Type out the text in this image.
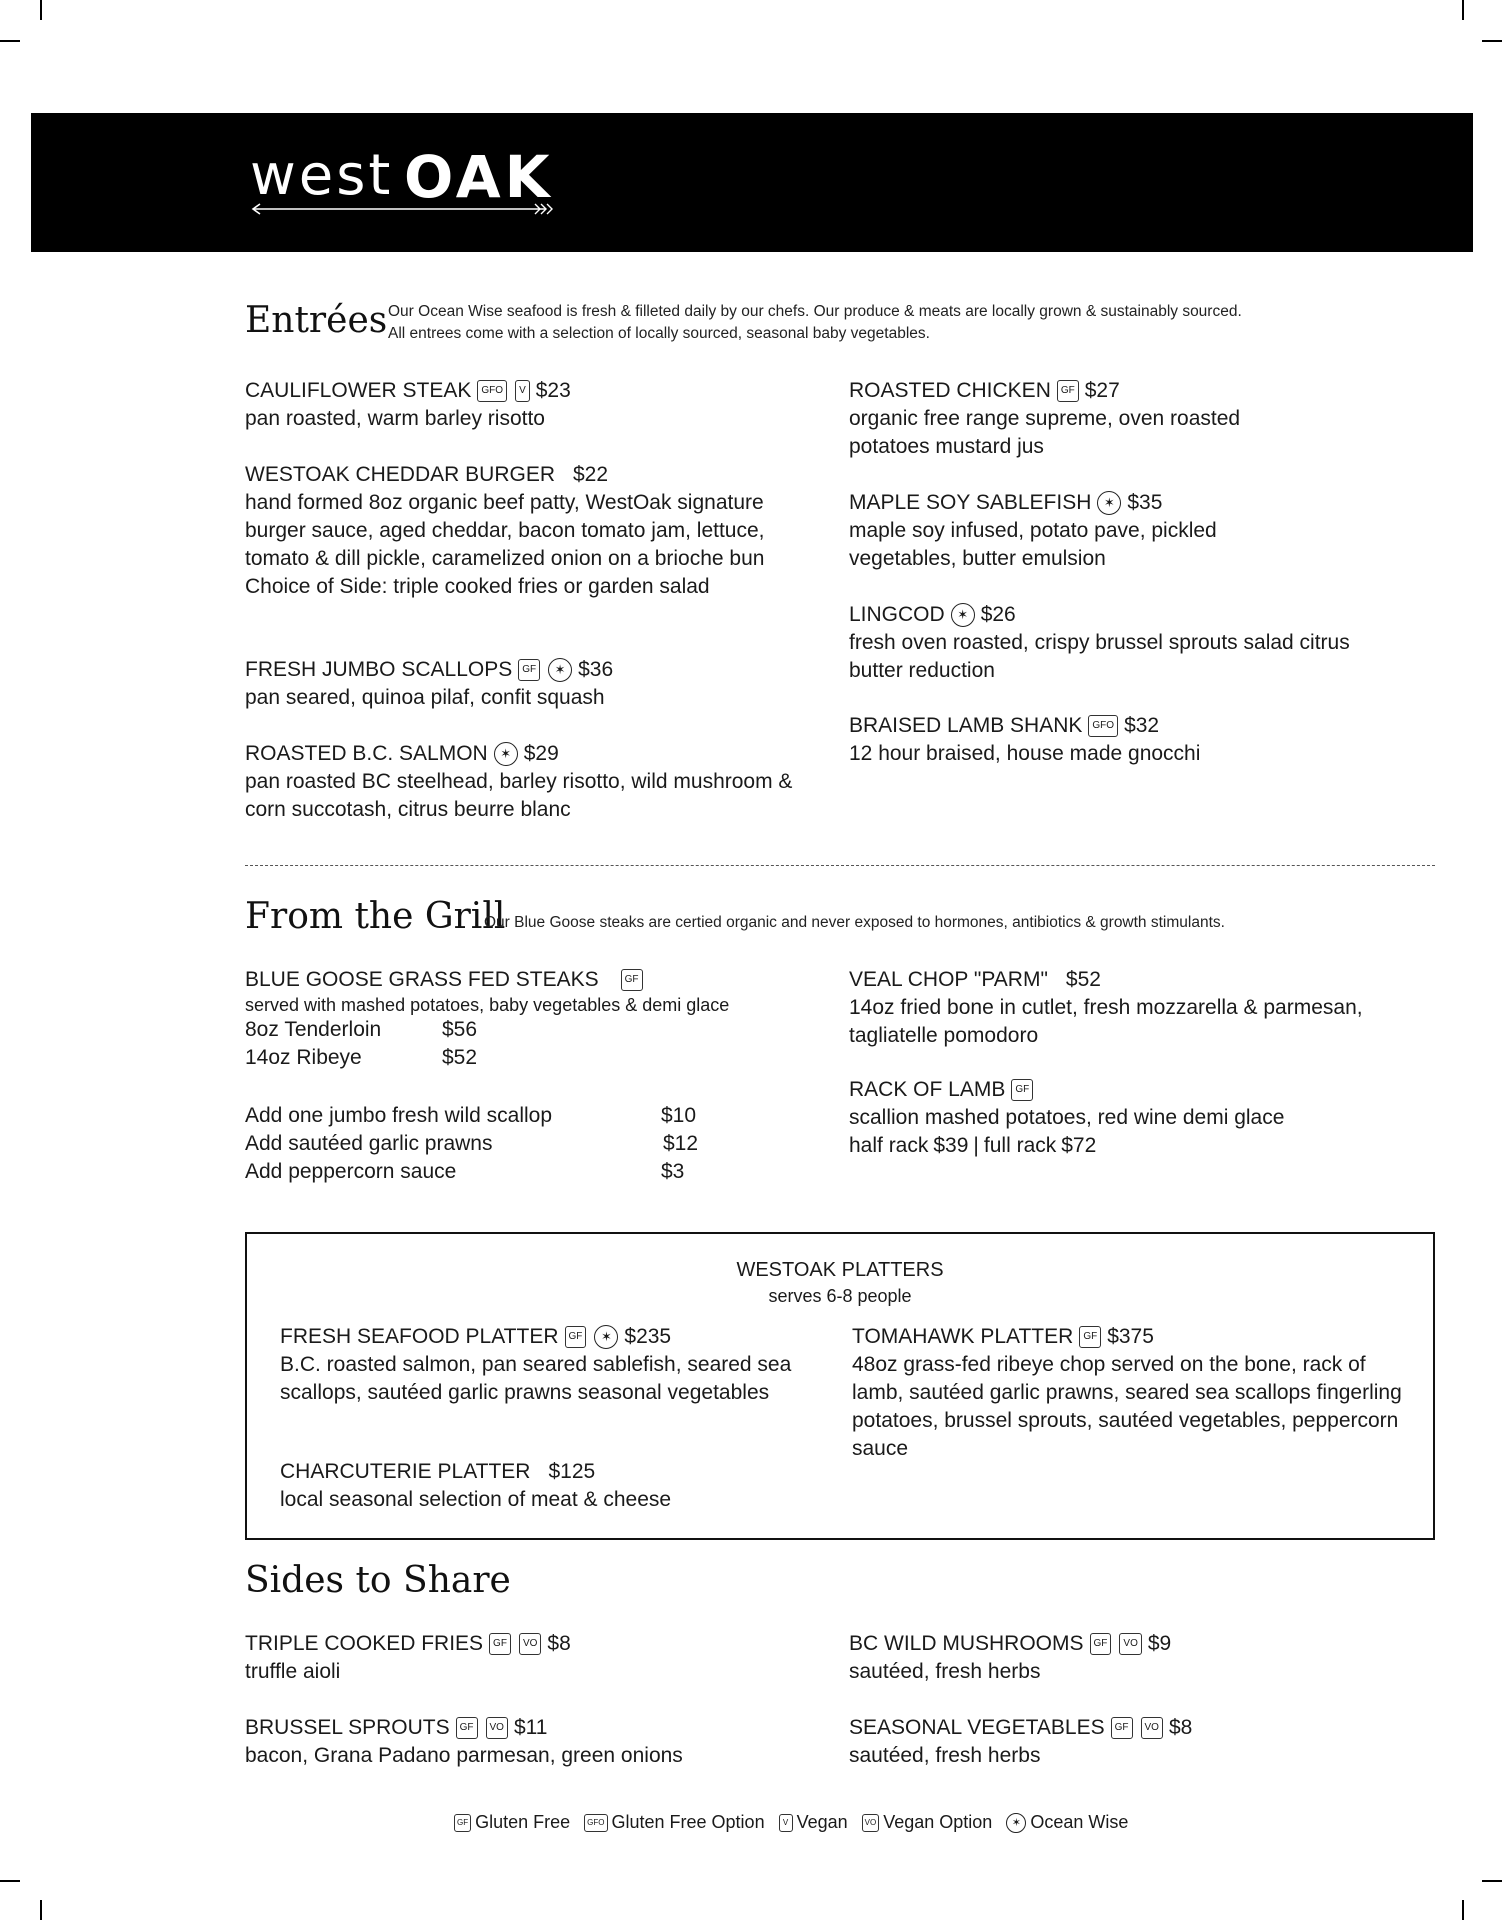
west OAK
Entrées Our Ocean Wise seafood is fresh & filleted daily by our chefs. Our produce & meats are locally grown & sustainably sourced.
All entrees come with a selection of locally sourced, seasonal baby vegetables.
CAULIFLOWER STEAK	GFO	V $23
pan roasted, warm barley risotto
WESTOAK CHEDDAR BURGER $22
hand formed 8oz organic beef patty, WestOak signature burger sauce, aged cheddar, bacon tomato jam, lettuce, tomato & dill pickle, caramelized onion on a brioche bun
Choice of Side: triple cooked fries or garden salad
FRESH JUMBO SCALLOPS	GF	✶ $36
pan seared, quinoa pilaf, confit squash
ROASTED B.C. SALMON ✶ $29
pan roasted BC steelhead, barley risotto, wild mushroom & corn succotash, citrus beurre blanc
ROASTED CHICKEN	GF $27
organic free range supreme, oven roasted potatoes mustard jus
MAPLE SOY SABLEFISH ✶ $35
maple soy infused, potato pave, pickled vegetables, butter emulsion
LINGCOD ✶ $26
fresh oven roasted, crispy brussel sprouts salad citrus butter reduction
BRAISED LAMB SHANK	GFO $32
12 hour braised, house made gnocchi
From the Grill
Our Blue Goose steaks are certied organic and never exposed to hormones, antibiotics & growth stimulants.
BLUE GOOSE GRASS FED STEAKS	GF
served with mashed potatoes, baby vegetables & demi glace
8oz Tenderloin	$56
14oz Ribeye	$52
Add one jumbo fresh wild scallop	$10
Add sautéed garlic prawns	$12
Add peppercorn sauce	$3
VEAL CHOP "PARM" $52
14oz fried bone in cutlet, fresh mozzarella & parmesan, tagliatelle pomodoro
RACK OF LAMB	GF
scallion mashed potatoes, red wine demi glace
half rack $39 | full rack $72
WESTOAK PLATTERS
serves 6-8 people
FRESH SEAFOOD PLATTER	GF	✶ $235
B.C. roasted salmon, pan seared sablefish, seared sea scallops, sautéed garlic prawns seasonal vegetables
CHARCUTERIE PLATTER $125
local seasonal selection of meat & cheese
TOMAHAWK PLATTER	GF $375
48oz grass-fed ribeye chop served on the bone, rack of lamb, sautéed garlic prawns, seared sea scallops fingerling potatoes, brussel sprouts, sautéed vegetables, peppercorn sauce
Sides to Share
TRIPLE COOKED FRIES	GF	VO $8
truffle aioli
BRUSSEL SPROUTS	GF	VO $11
bacon, Grana Padano parmesan, green onions
BC WILD MUSHROOMS	GF	VO $9
sautéed, fresh herbs
SEASONAL VEGETABLES	GF	VO $8
sautéed, fresh herbs
GF Gluten Free	GFO Gluten Free Option	V Vegan	VO Vegan Option	✶ Ocean Wise
